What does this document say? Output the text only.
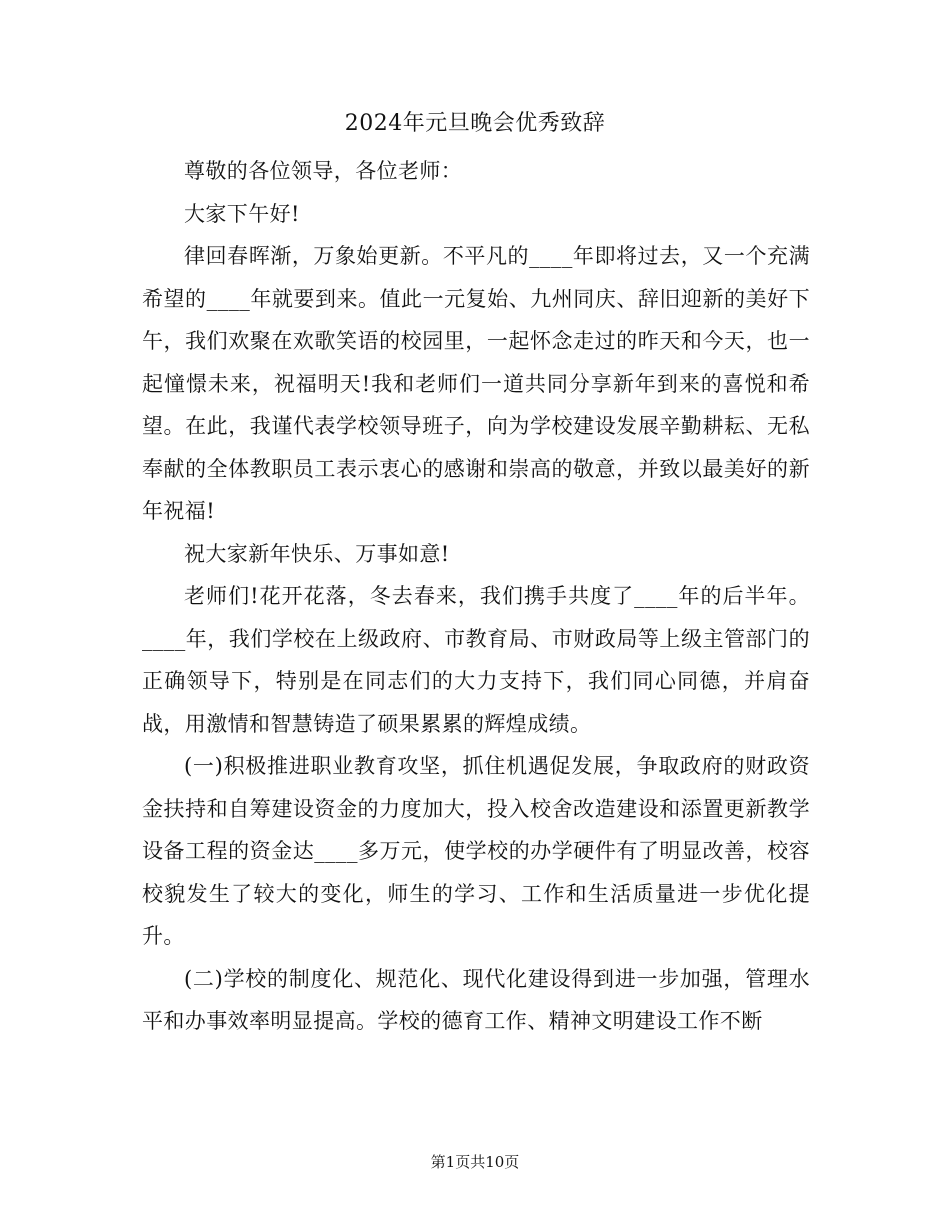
2024年元旦晚会优秀致辞

尊敬的各位领导，各位老师：

大家下午好!

律回春晖渐，万象始更新。不平凡的____年即将过去，又一个充满希望的____年就要到来。值此一元复始、九州同庆、辞旧迎新的美好下午，我们欢聚在欢歌笑语的校园里，一起怀念走过的昨天和今天，也一起憧憬未来，祝福明天!我和老师们一道共同分享新年到来的喜悦和希望。在此，我谨代表学校领导班子，向为学校建设发展辛勤耕耘、无私奉献的全体教职员工表示衷心的感谢和崇高的敬意，并致以最美好的新年祝福!

祝大家新年快乐、万事如意!

老师们!花开花落，冬去春来，我们携手共度了____年的后半年。____年，我们学校在上级政府、市教育局、市财政局等上级主管部门的正确领导下，特别是在同志们的大力支持下，我们同心同德，并肩奋战，用激情和智慧铸造了硕果累累的辉煌成绩。

(一)积极推进职业教育攻坚，抓住机遇促发展，争取政府的财政资金扶持和自筹建设资金的力度加大，投入校舍改造建设和添置更新教学设备工程的资金达____多万元，使学校的办学硬件有了明显改善，校容校貌发生了较大的变化，师生的学习、工作和生活质量进一步优化提升。

(二)学校的制度化、规范化、现代化建设得到进一步加强，管理水平和办事效率明显提高。学校的德育工作、精神文明建设工作不断

第1页共10页
